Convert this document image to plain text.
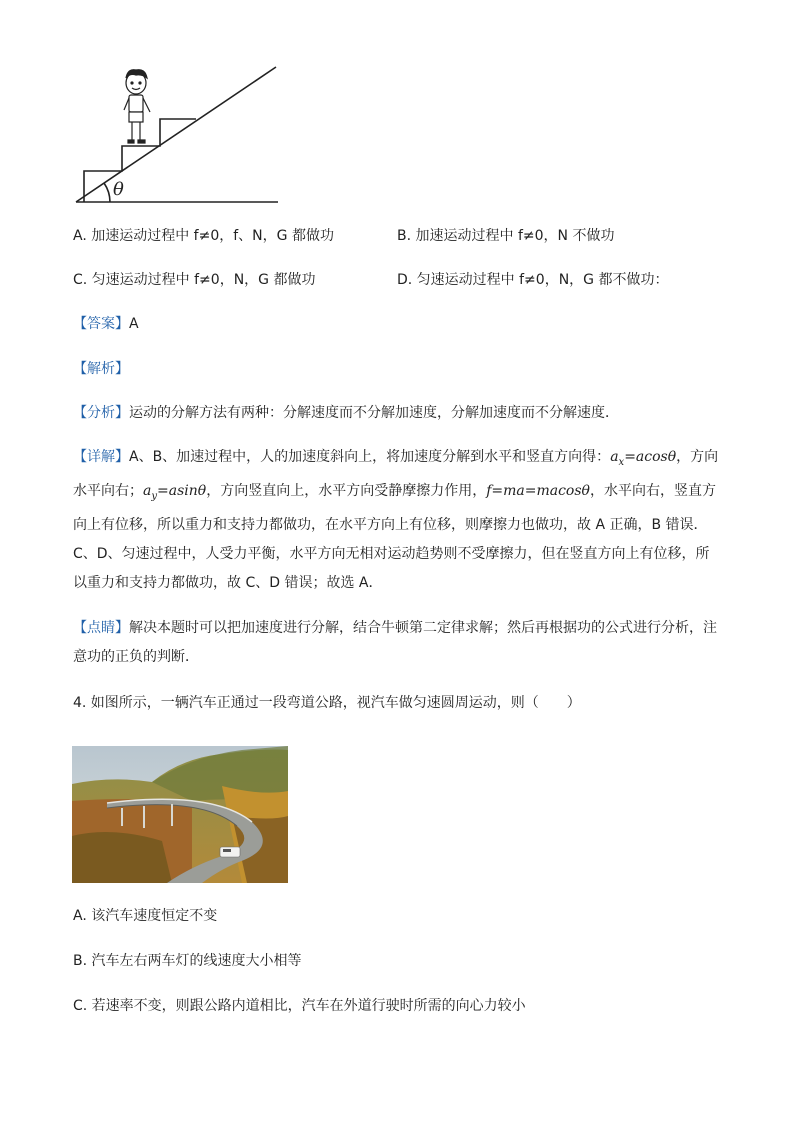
θ
A. 加速运动过程中 f≠0，f、N，G 都做功	B. 加速运动过程中 f≠0，N 不做功
C. 匀速运动过程中 f≠0，N，G 都做功	D. 匀速运动过程中 f≠0，N，G 都不做功：
【答案】A
【解析】
【分析】运动的分解方法有两种：分解速度而不分解加速度，分解加速度而不分解速度．
【详解】A、B、加速过程中，人的加速度斜向上，将加速度分解到水平和竖直方向得：$a_x=acos\theta$，方向水平向右；$a_y=asin\theta$，方向竖直向上，水平方向受静摩擦力作用，f=ma=macosθ，水平向右，竖直方向上有位移，所以重力和支持力都做功，在水平方向上有位移，则摩擦力也做功，故 A 正确，B 错误．C、D、匀速过程中，人受力平衡，水平方向无相对运动趋势则不受摩擦力，但在竖直方向上有位移，所以重力和支持力都做功，故 C、D 错误；故选 A．
【点睛】解决本题时可以把加速度进行分解，结合牛顿第二定律求解；然后再根据功的公式进行分析，注意功的正负的判断．
4. 如图所示，一辆汽车正通过一段弯道公路，视汽车做匀速圆周运动，则（　　）
A. 该汽车速度恒定不变
B. 汽车左右两车灯的线速度大小相等
C. 若速率不变，则跟公路内道相比，汽车在外道行驶时所需的向心力较小
